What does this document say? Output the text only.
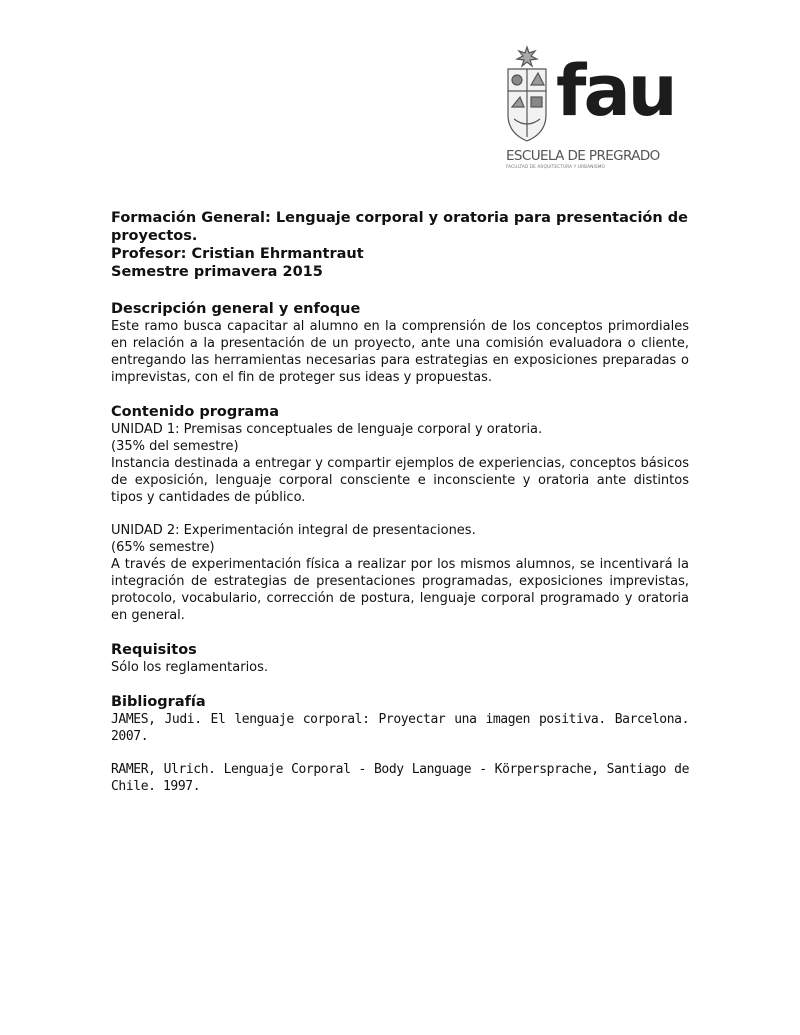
fau
ESCUELA DE PREGRADO
FACULTAD DE ARQUITECTURA Y URBANISMO

Formación General: Lenguaje corporal y oratoria para presentación de

proyectos.

Profesor: Cristian Ehrmantraut

Semestre primavera 2015

Descripción general y enfoque

Este ramo busca capacitar al alumno en la comprensión de los conceptos primordiales en relación a la presentación de un proyecto, ante una comisión evaluadora o cliente, entregando las herramientas necesarias para estrategias en exposiciones preparadas o imprevistas, con el fin de proteger sus ideas y propuestas.

Contenido programa

UNIDAD 1: Premisas conceptuales de lenguaje corporal y oratoria.

(35% del semestre)

Instancia destinada a entregar y compartir ejemplos de experiencias, conceptos básicos de exposición, lenguaje corporal consciente e inconsciente y oratoria ante distintos tipos y cantidades de público.

UNIDAD 2: Experimentación integral de presentaciones.

(65% semestre)

A través de experimentación física a realizar por los mismos alumnos, se incentivará la integración de estrategias de presentaciones programadas, exposiciones imprevistas, protocolo, vocabulario, corrección de postura, lenguaje corporal programado y oratoria en general.

Requisitos

Sólo los reglamentarios.

Bibliografía

JAMES, Judi. El lenguaje corporal: Proyectar una imagen positiva. Barcelona. 2007.

RAMER, Ulrich. Lenguaje Corporal - Body Language - Körpersprache, Santiago de Chile. 1997.
